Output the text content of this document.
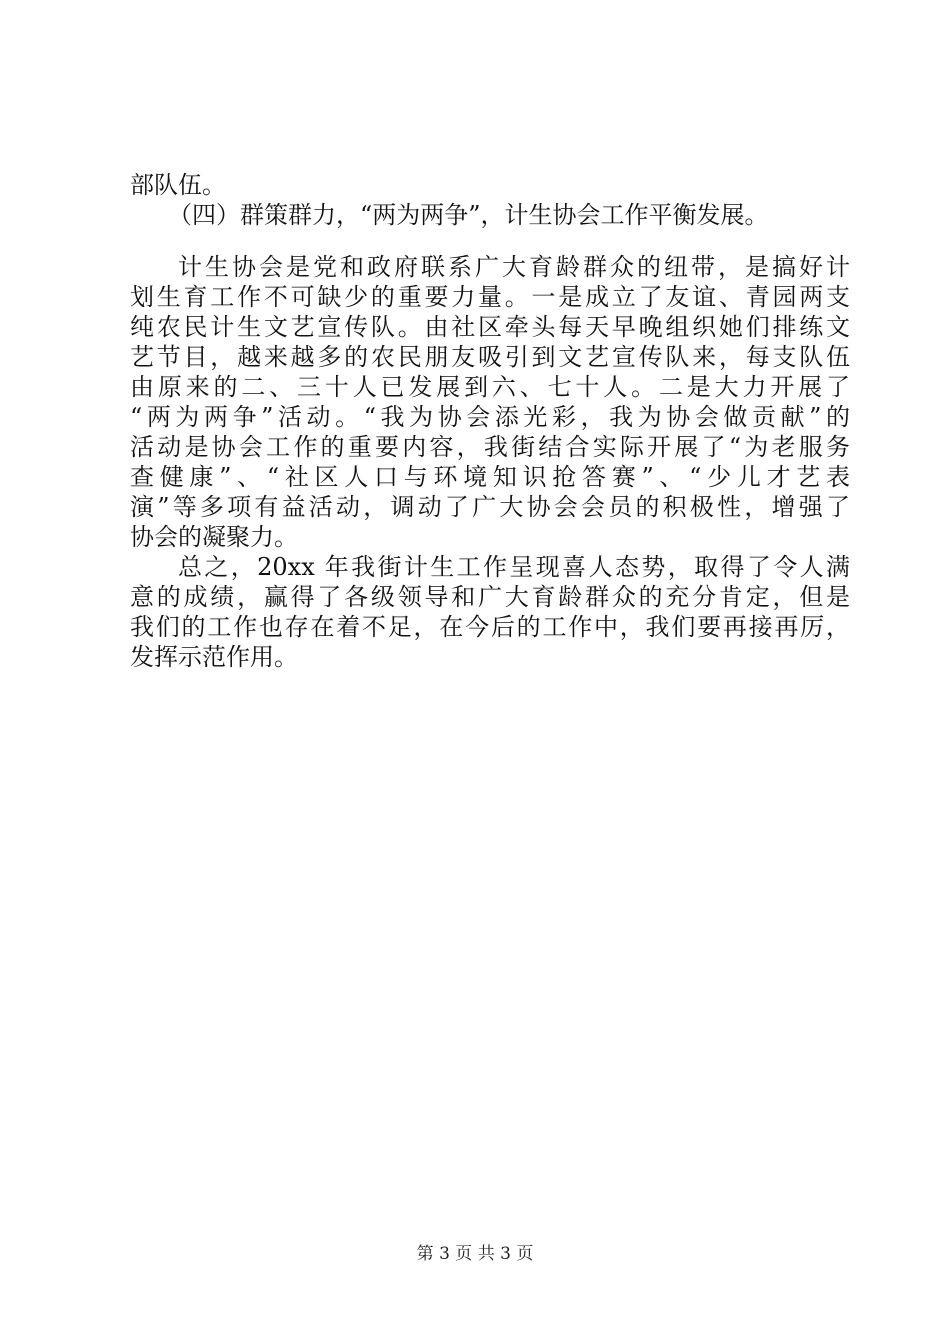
部队伍。
（四）群策群力，“两为两争”，计生协会工作平衡发展。
计生协会是党和政府联系广大育龄群众的纽带，是搞好计
划生育工作不可缺少的重要力量。一是成立了友谊、青园两支
纯农民计生文艺宣传队。由社区牵头每天早晚组织她们排练文
艺节目，越来越多的农民朋友吸引到文艺宣传队来，每支队伍
由原来的二、三十人已发展到六、七十人。二是大力开展了
“两为两争”活动。“我为协会添光彩，我为协会做贡献”的
活动是协会工作的重要内容，我街结合实际开展了“为老服务
查健康”、“社区人口与环境知识抢答赛”、“少儿才艺表
演”等多项有益活动，调动了广大协会会员的积极性，增强了
协会的凝聚力。
总之，20xx 年我街计生工作呈现喜人态势，取得了令人满
意的成绩，赢得了各级领导和广大育龄群众的充分肯定，但是
我们的工作也存在着不足，在今后的工作中，我们要再接再厉，
发挥示范作用。
第 3 页 共 3 页
